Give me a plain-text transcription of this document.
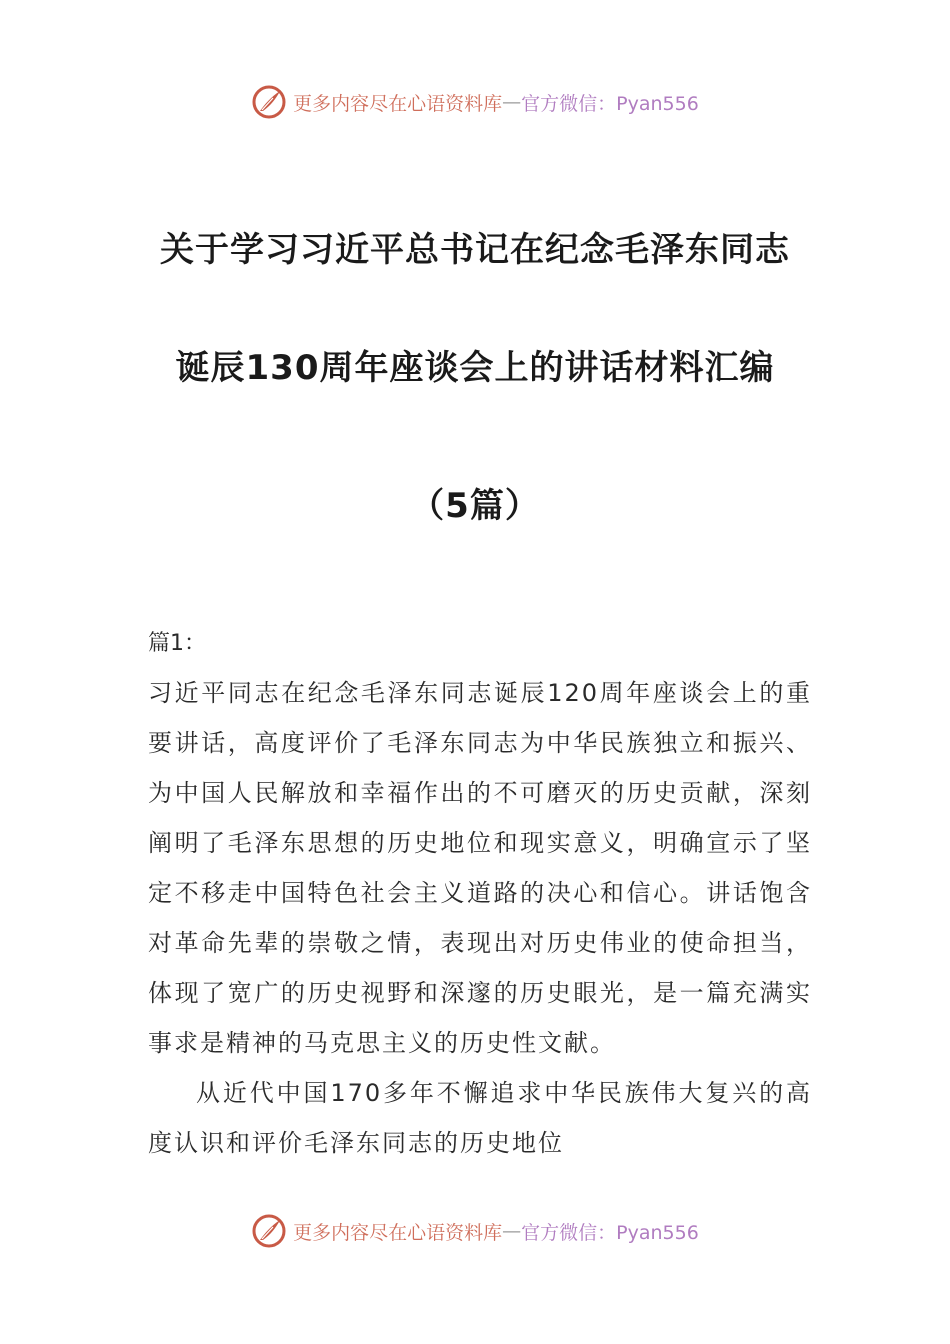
更多内容尽在心语资料库 — 官方微信：Pyan556
关于学习习近平总书记在纪念毛泽东同志
诞辰130周年座谈会上的讲话材料汇编
（5篇）
篇1：
习近平同志在纪念毛泽东同志诞辰120周年座谈会上的重要讲话，高度评价了毛泽东同志为中华民族独立和振兴、为中国人民解放和幸福作出的不可磨灭的历史贡献，深刻阐明了毛泽东思想的历史地位和现实意义，明确宣示了坚定不移走中国特色社会主义道路的决心和信心。讲话饱含对革命先辈的崇敬之情，表现出对历史伟业的使命担当，体现了宽广的历史视野和深邃的历史眼光，是一篇充满实事求是精神的马克思主义的历史性文献。
从近代中国170多年不懈追求中华民族伟大复兴的高度认识和评价毛泽东同志的历史地位
更多内容尽在心语资料库 — 官方微信：Pyan556
